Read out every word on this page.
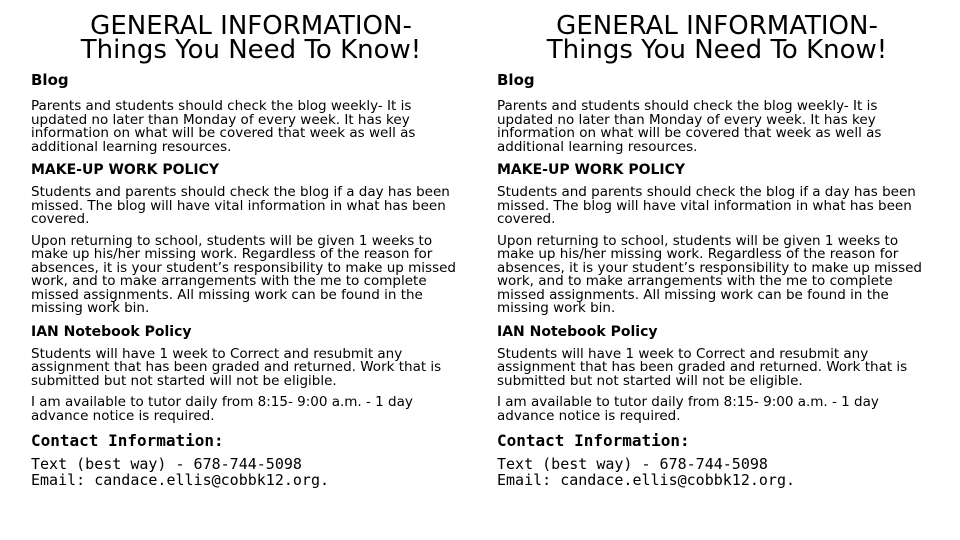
GENERAL INFORMATION-
Things You Need To Know!
Blog

Parents and students should check the blog weekly- It is updated no later than Monday of every week. It has key information on what will be covered that week as well as additional learning resources.

MAKE-UP WORK POLICY

Students and parents should check the blog if a day has been missed. The blog will have vital information in what has been covered.

Upon returning to school, students will be given 1 weeks to make up his/her missing work. Regardless of the reason for absences, it is your student’s responsibility to make up missed work, and to make arrangements with the me to complete missed assignments. All missing work can be found in the missing work bin.

IAN Notebook Policy

Students will have 1 week to Correct and resubmit any assignment that has been graded and returned. Work that is submitted but not started will not be eligible.

I am available to tutor daily from 8:15- 9:00 a.m. - 1 day advance notice is required.

Contact Information:

Text (best way) - 678-744-5098

Email: candace.ellis@cobbk12.org.

GENERAL INFORMATION-
Things You Need To Know!
Blog

Parents and students should check the blog weekly- It is updated no later than Monday of every week. It has key information on what will be covered that week as well as additional learning resources.

MAKE-UP WORK POLICY

Students and parents should check the blog if a day has been missed. The blog will have vital information in what has been covered.

Upon returning to school, students will be given 1 weeks to make up his/her missing work. Regardless of the reason for absences, it is your student’s responsibility to make up missed work, and to make arrangements with the me to complete missed assignments. All missing work can be found in the missing work bin.

IAN Notebook Policy

Students will have 1 week to Correct and resubmit any assignment that has been graded and returned. Work that is submitted but not started will not be eligible.

I am available to tutor daily from 8:15- 9:00 a.m. - 1 day advance notice is required.

Contact Information:

Text (best way) - 678-744-5098

Email: candace.ellis@cobbk12.org.
